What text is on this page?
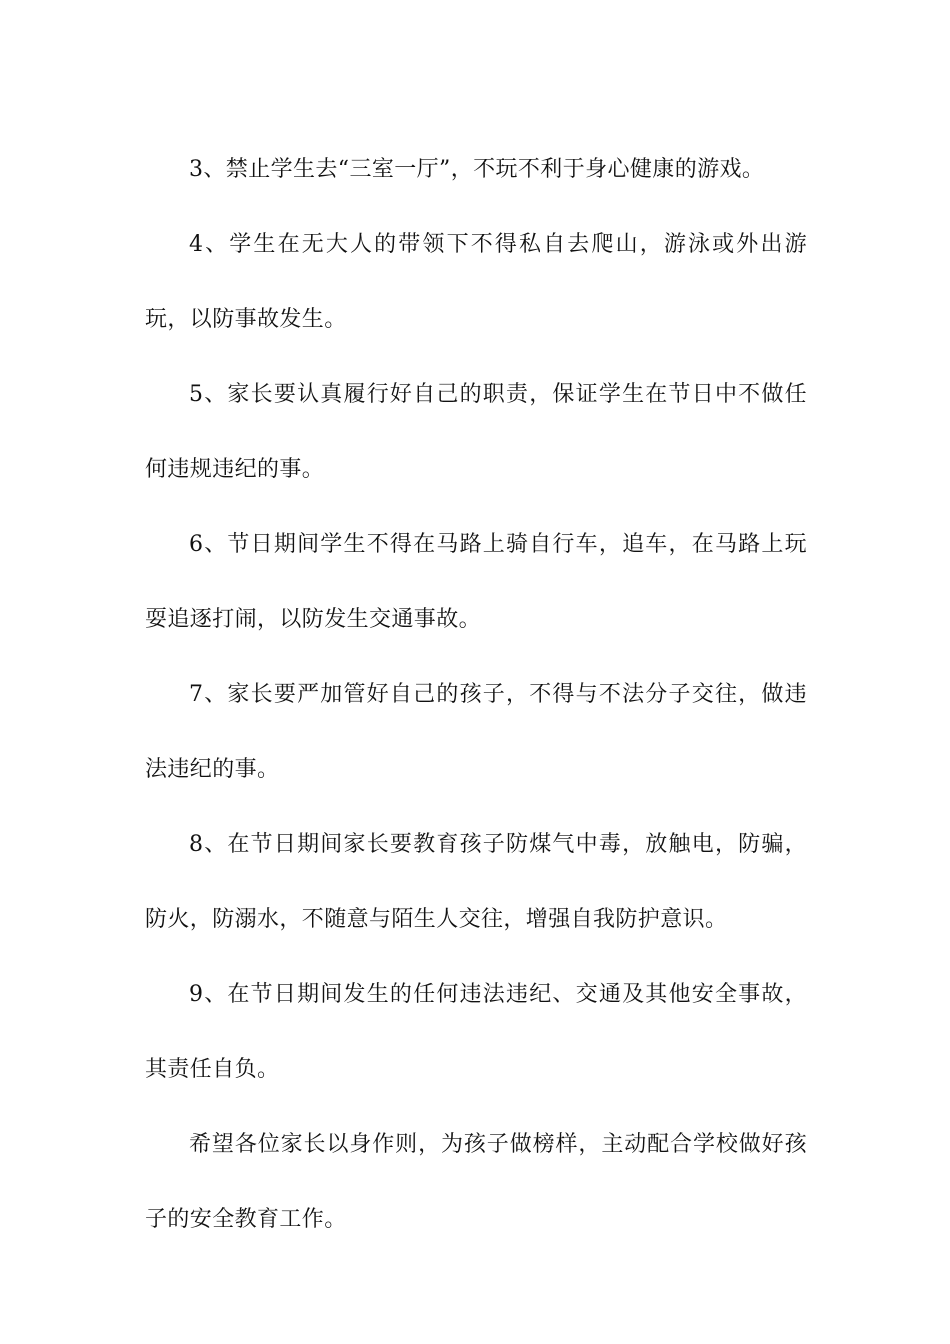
3、禁止学生去“三室一厅”，不玩不利于身心健康的游戏。

4、学生在无大人的带领下不得私自去爬山，游泳或外出游玩，以防事故发生。

5、家长要认真履行好自己的职责，保证学生在节日中不做任何违规违纪的事。

6、节日期间学生不得在马路上骑自行车，追车，在马路上玩耍追逐打闹，以防发生交通事故。

7、家长要严加管好自己的孩子，不得与不法分子交往，做违法违纪的事。

8、在节日期间家长要教育孩子防煤气中毒，放触电，防骗，防火，防溺水，不随意与陌生人交往，增强自我防护意识。

9、在节日期间发生的任何违法违纪、交通及其他安全事故，其责任自负。

希望各位家长以身作则，为孩子做榜样，主动配合学校做好孩子的安全教育工作。
